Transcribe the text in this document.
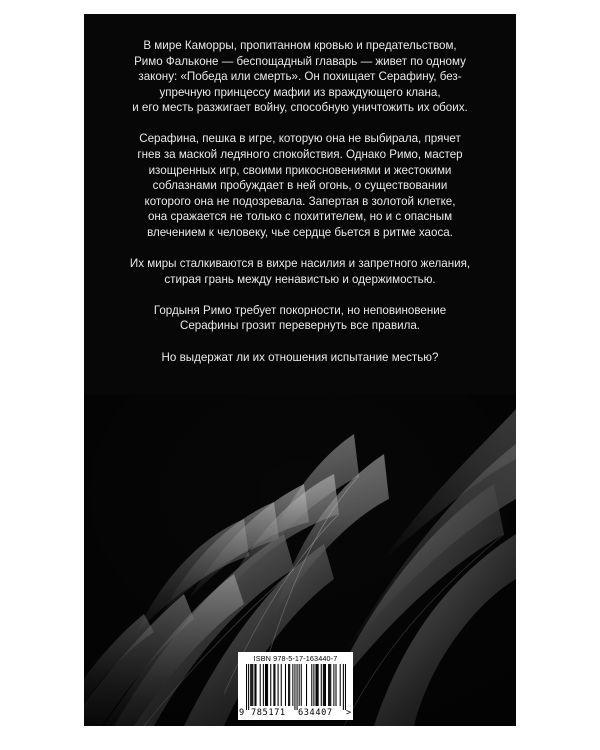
В мире Каморры, пропитанном кровью и предательством,
Римо Фальконе — беспощадный главарь — живет по одному
закону: «Победа или смерть». Он похищает Серафину, без-
упречную принцессу мафии из враждующего клана,
и его месть разжигает войну, способную уничтожить их обоих.

Серафина, пешка в игре, которую она не выбирала, прячет
гнев за маской ледяного спокойствия. Однако Римо, мастер
изощренных игр, своими прикосновениями и жестокими
соблазнами пробуждает в ней огонь, о существовании
которого она не подозревала. Запертая в золотой клетке,
она сражается не только с похитителем, но и с опасным
влечением к человеку, чье сердце бьется в ритме хаоса.

Их миры сталкиваются в вихре насилия и запретного желания,
стирая грань между ненавистью и одержимостью.

Гордыня Римо требует покорности, но неповиновение
Серафины грозит перевернуть все правила.

Но выдержат ли их отношения испытание местью?

ISBN 978-5-17-163440-7
9 785171 634407 >
